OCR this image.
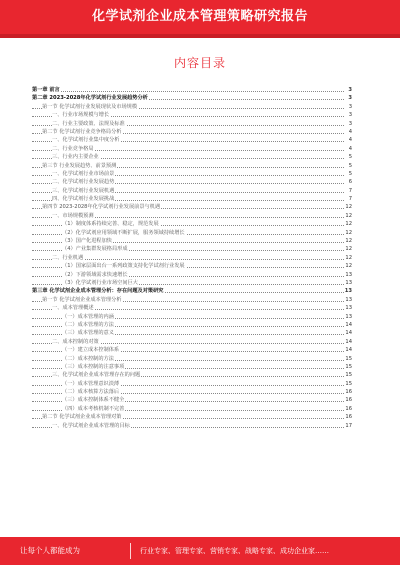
化学试剂企业成本管理策略研究报告
内容目录
第一章 前言	3
第二章 2023-2028年化学试剂行业发展趋势分析	3
第一节 化学试剂行业发展现状及市场规模	3
一、行业市场规模与增长	3
二、行业主要政策、法规及标准	3
第二节 化学试剂行业竞争格局分析	4
一、化学试剂行业集中度分析	4
二、行业竞争格局	4
三、行业内主要企业	5
第三节 行业发展趋势、前景预测	5
一、化学试剂行业市场前景	5
二、化学试剂行业发展趋势	6
三、化学试剂行业发展机遇	7
四、化学试剂行业发展挑战	7
第四节 2023-2028年化学试剂行业发展前景与机遇	12
一、市场规模预测	12
（1）制度体系持续完善、稳定，规范发展	12
（2）化学试剂应用领域不断扩展，服务领域持续增长	12
（3）国产化进程加快	12
（4）产业集群发展格局形成	12
二、行业机遇	12
（1）国家层面出台一系列政策支持化学试剂行业发展	12
（2）下游领域需求快速增长	13
（3）化学试剂行业市场空间巨大	13
第三章 化学试剂企业成本管理分析：存在问题及对策研究	13
第一节 化学试剂企业成本管理分析	13
一、成本管理概述	13
（一）成本管理的内涵	13
（二）成本管理的方法	14
（三）成本管理的意义	14
二、成本控制的对策	14
（一）建立成本控制体系	14
（二）成本控制的方法	15
（三）成本控制的注意事项	15
三、化学试剂企业成本管理存在的问题	15
（一）成本管理意识淡薄	15
（二）成本核算方法落后	16
（三）成本控制体系不健全	16
（四）成本考核机制不完善	16
第二节 化学试剂企业成本管理对策	16
一、化学试剂企业成本管理的目标	17
让每个人都能成为	行业专家、管理专家、营销专家、战略专家、成功企业家……
